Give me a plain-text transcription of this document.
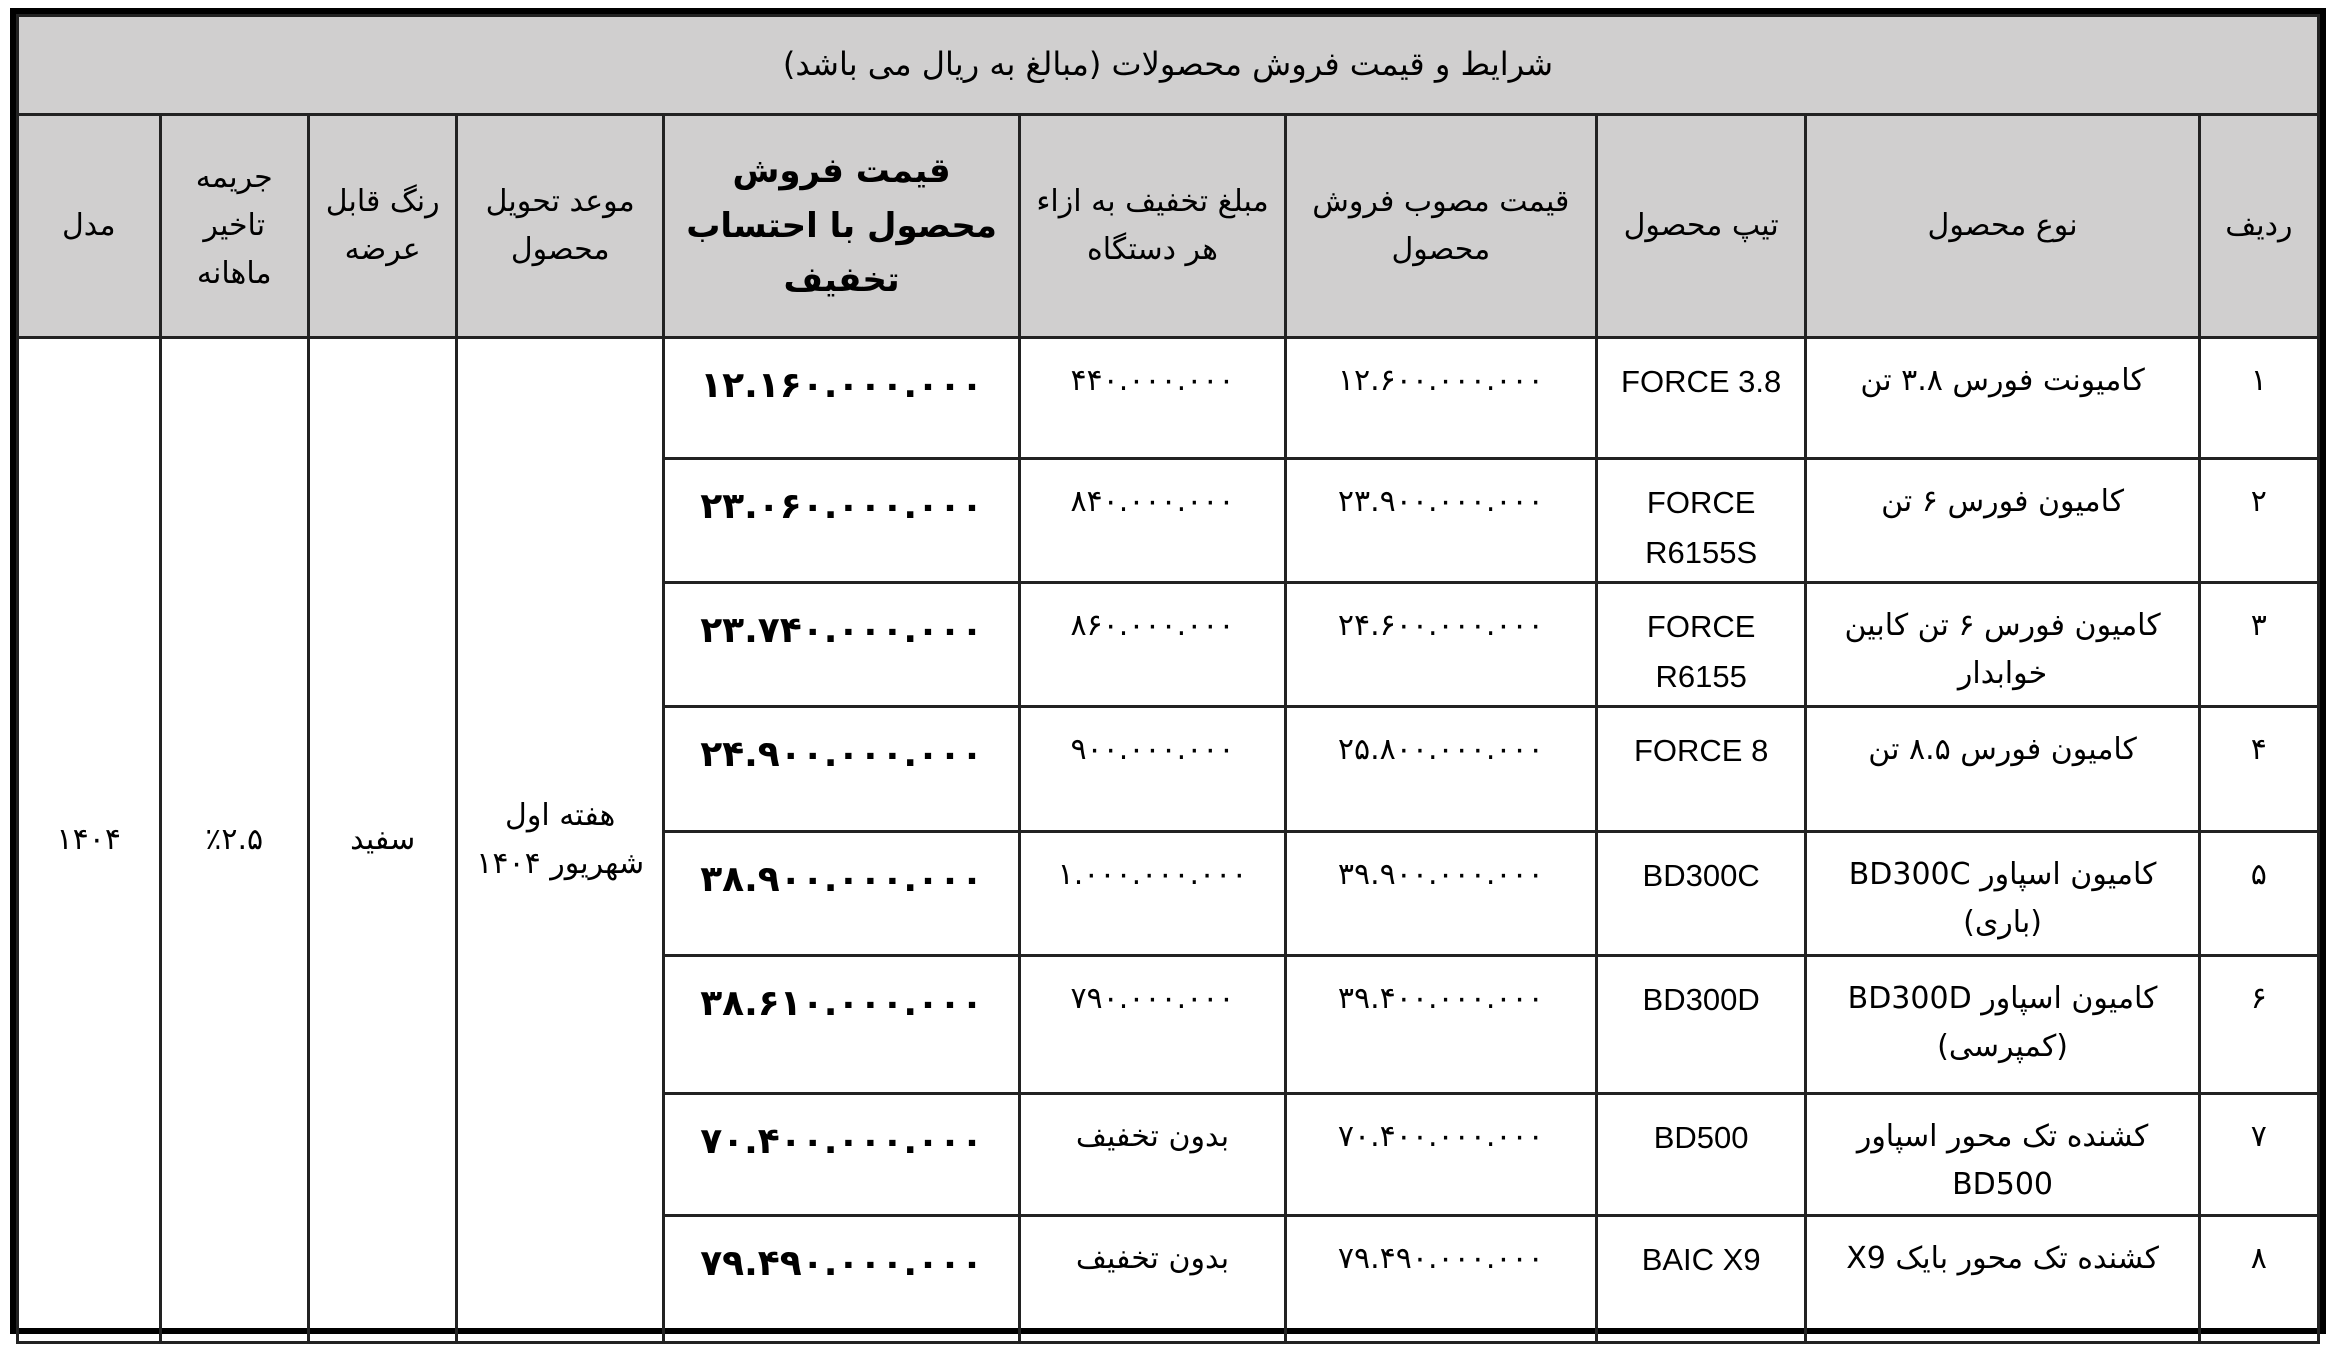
شرایط و قیمت فروش محصولات (مبالغ به ریال می باشد)									
ردیف	نوع محصول	تیپ محصول	قیمت مصوب فروش محصول	مبلغ تخفیف به ازاء هر دستگاه	قیمت فروش محصول با احتساب تخفیف	موعد تحویل محصول	رنگ قابل عرضه	جریمه تاخیر ماهانه	مدل
۱	کامیونت فورس ۳.۸ تن	FORCE 3.8	۱۲.۶۰۰.۰۰۰.۰۰۰	۴۴۰.۰۰۰.۰۰۰	۱۲.۱۶۰.۰۰۰.۰۰۰	هفته اول شهریور ۱۴۰۴	سفید	٪۲.۵	۱۴۰۴
۲	کامیون فورس ۶ تن	FORCE R6155S	۲۳.۹۰۰.۰۰۰.۰۰۰	۸۴۰.۰۰۰.۰۰۰	۲۳.۰۶۰.۰۰۰.۰۰۰				
۳	کامیون فورس ۶ تن کابین خوابدار	FORCE R6155	۲۴.۶۰۰.۰۰۰.۰۰۰	۸۶۰.۰۰۰.۰۰۰	۲۳.۷۴۰.۰۰۰.۰۰۰				
۴	کامیون فورس ۸.۵ تن	FORCE 8	۲۵.۸۰۰.۰۰۰.۰۰۰	۹۰۰.۰۰۰.۰۰۰	۲۴.۹۰۰.۰۰۰.۰۰۰				
۵	کامیون اسپاور BD300C (باری)	BD300C	۳۹.۹۰۰.۰۰۰.۰۰۰	۱.۰۰۰.۰۰۰.۰۰۰	۳۸.۹۰۰.۰۰۰.۰۰۰				
۶	کامیون اسپاور BD300D (کمپرسی)	BD300D	۳۹.۴۰۰.۰۰۰.۰۰۰	۷۹۰.۰۰۰.۰۰۰	۳۸.۶۱۰.۰۰۰.۰۰۰				
۷	کشنده تک محور اسپاور BD500	BD500	۷۰.۴۰۰.۰۰۰.۰۰۰	بدون تخفیف	۷۰.۴۰۰.۰۰۰.۰۰۰				
۸	کشنده تک محور بایک X9	BAIC X9	۷۹.۴۹۰.۰۰۰.۰۰۰	بدون تخفیف	۷۹.۴۹۰.۰۰۰.۰۰۰				
